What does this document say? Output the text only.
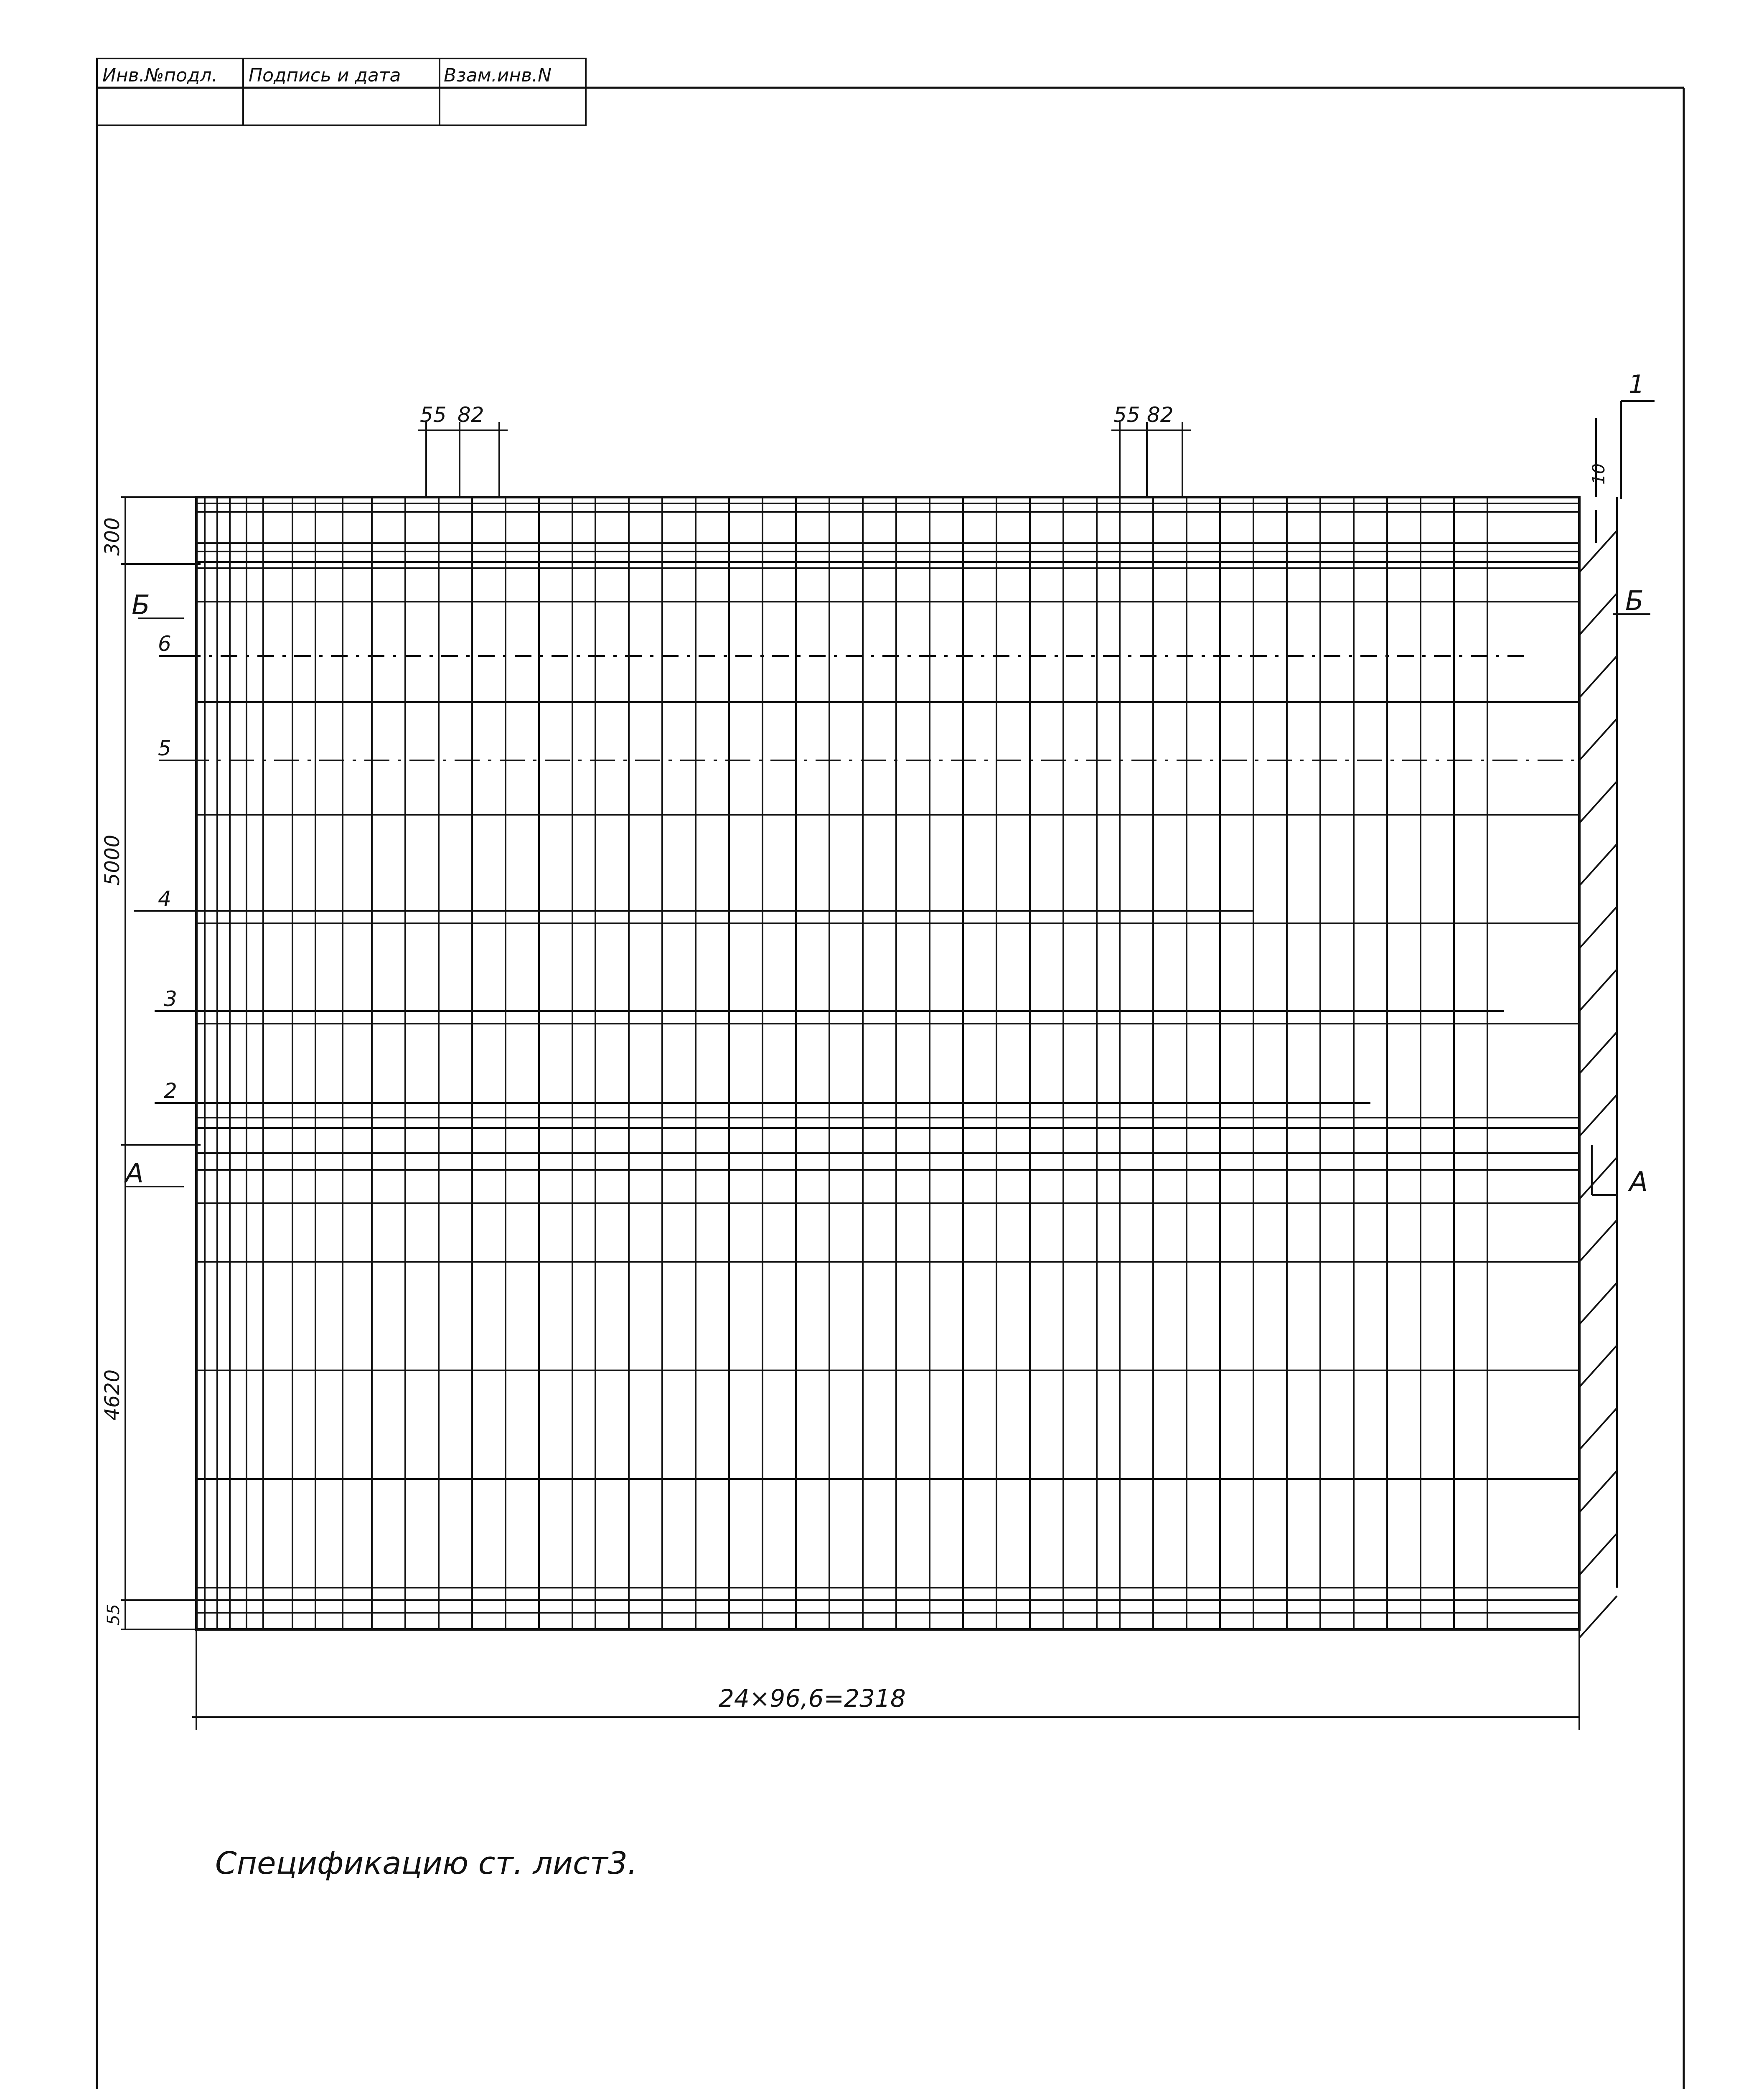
Инв.№подл. Подпись и дата Взам.инв.N
300
5000
4620
55
6
5
4
3
2
Б
А
55 82	55 82
1
10
Б
А
24×96,6=2318
Спецификацию ст. лист3.
